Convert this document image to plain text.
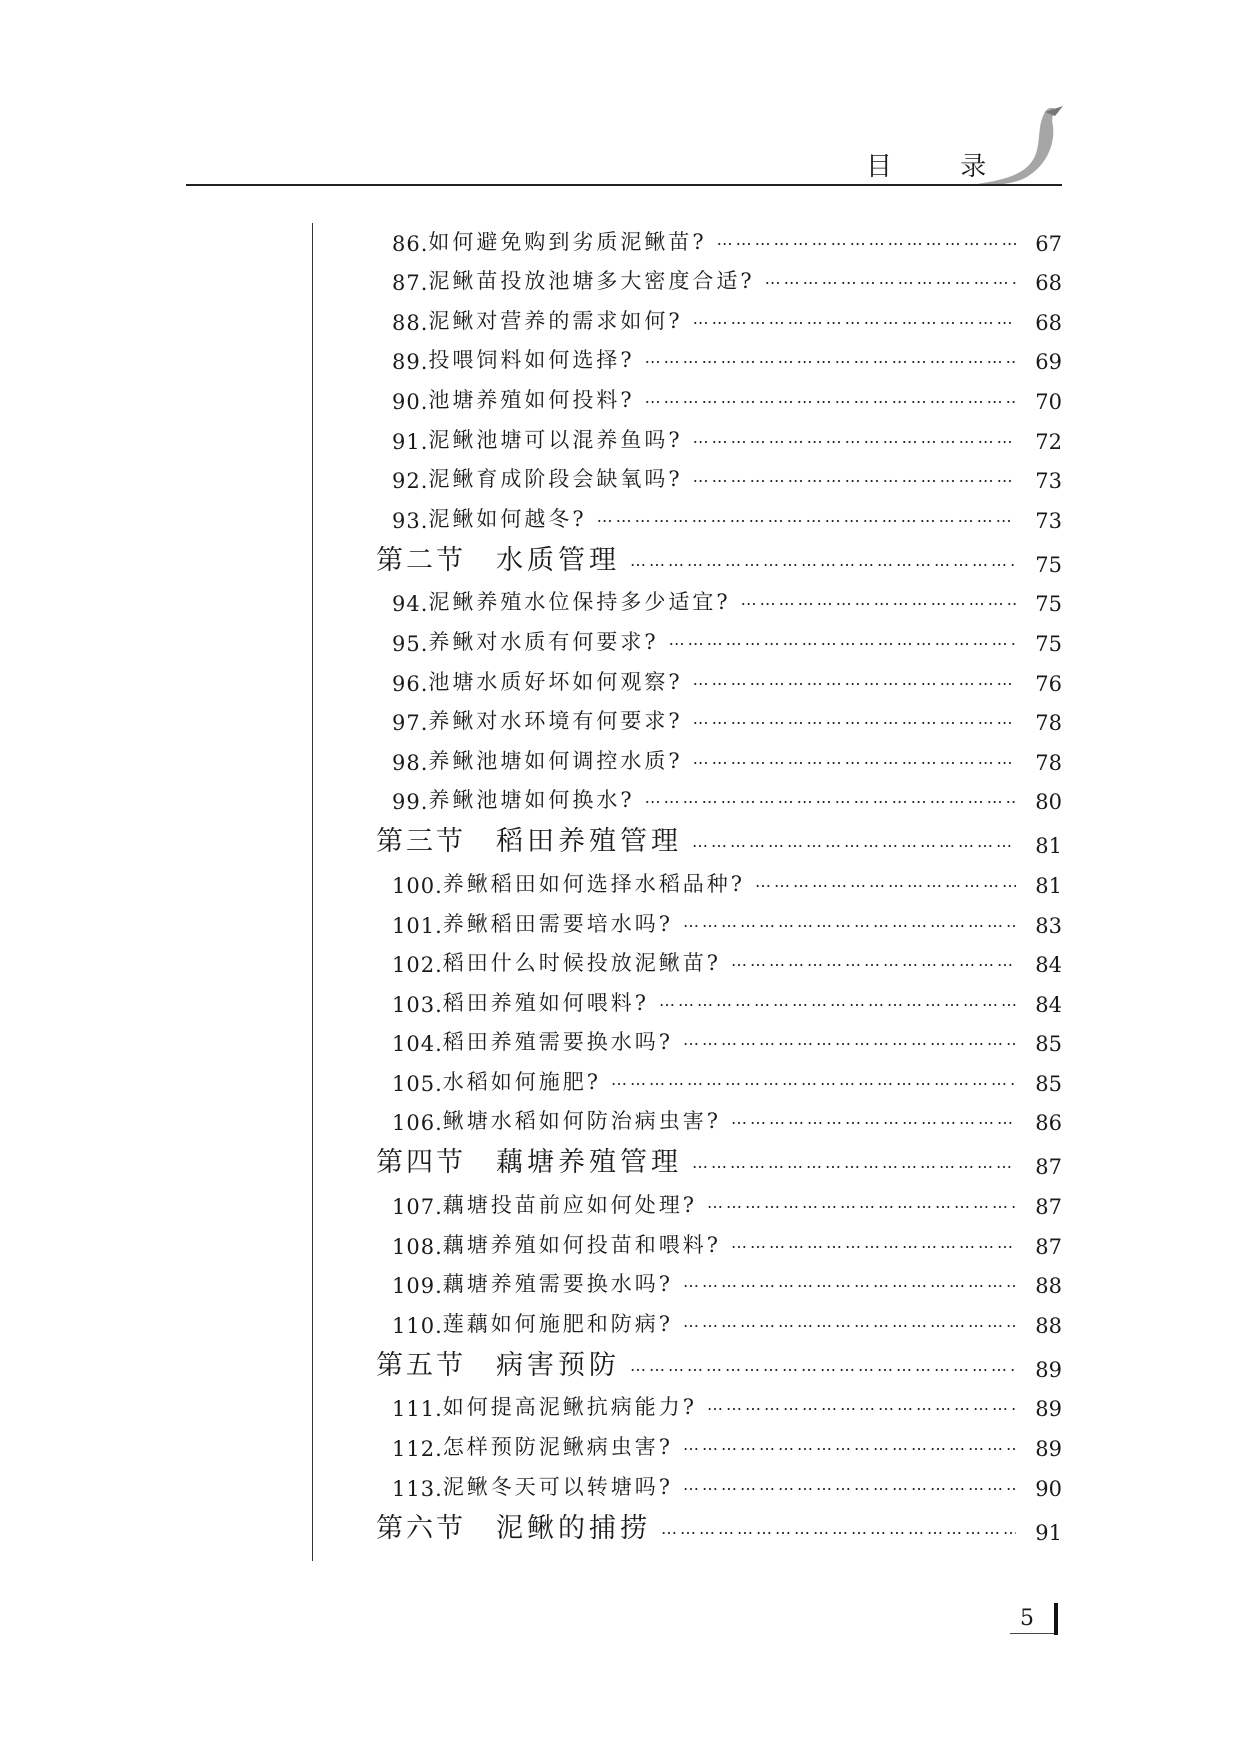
目 录
86. 如何避免购到劣质泥鳅苗? …………………………………………………………………………………………………………………………………………	67
87. 泥鳅苗投放池塘多大密度合适? …………………………………………………………………………………………………………………………………………	68
88. 泥鳅对营养的需求如何? …………………………………………………………………………………………………………………………………………	68
89. 投喂饲料如何选择? …………………………………………………………………………………………………………………………………………	69
90. 池塘养殖如何投料? …………………………………………………………………………………………………………………………………………	70
91. 泥鳅池塘可以混养鱼吗? …………………………………………………………………………………………………………………………………………	72
92. 泥鳅育成阶段会缺氧吗? …………………………………………………………………………………………………………………………………………	73
93. 泥鳅如何越冬? …………………………………………………………………………………………………………………………………………	73
第二节 水质管理 …………………………………………………………………………………………………………………………………………	75
94. 泥鳅养殖水位保持多少适宜? …………………………………………………………………………………………………………………………………………	75
95. 养鳅对水质有何要求? …………………………………………………………………………………………………………………………………………	75
96. 池塘水质好坏如何观察? …………………………………………………………………………………………………………………………………………	76
97. 养鳅对水环境有何要求? …………………………………………………………………………………………………………………………………………	78
98. 养鳅池塘如何调控水质? …………………………………………………………………………………………………………………………………………	78
99. 养鳅池塘如何换水? …………………………………………………………………………………………………………………………………………	80
第三节 稻田养殖管理 …………………………………………………………………………………………………………………………………………	81
100. 养鳅稻田如何选择水稻品种? …………………………………………………………………………………………………………………………………………	81
101. 养鳅稻田需要培水吗? …………………………………………………………………………………………………………………………………………	83
102. 稻田什么时候投放泥鳅苗? …………………………………………………………………………………………………………………………………………	84
103. 稻田养殖如何喂料? …………………………………………………………………………………………………………………………………………	84
104. 稻田养殖需要换水吗? …………………………………………………………………………………………………………………………………………	85
105. 水稻如何施肥? …………………………………………………………………………………………………………………………………………	85
106. 鳅塘水稻如何防治病虫害? …………………………………………………………………………………………………………………………………………	86
第四节 藕塘养殖管理 …………………………………………………………………………………………………………………………………………	87
107. 藕塘投苗前应如何处理? …………………………………………………………………………………………………………………………………………	87
108. 藕塘养殖如何投苗和喂料? …………………………………………………………………………………………………………………………………………	87
109. 藕塘养殖需要换水吗? …………………………………………………………………………………………………………………………………………	88
110. 莲藕如何施肥和防病? …………………………………………………………………………………………………………………………………………	88
第五节 病害预防 …………………………………………………………………………………………………………………………………………	89
111. 如何提高泥鳅抗病能力? …………………………………………………………………………………………………………………………………………	89
112. 怎样预防泥鳅病虫害? …………………………………………………………………………………………………………………………………………	89
113. 泥鳅冬天可以转塘吗? …………………………………………………………………………………………………………………………………………	90
第六节 泥鳅的捕捞 …………………………………………………………………………………………………………………………………………	91
5
